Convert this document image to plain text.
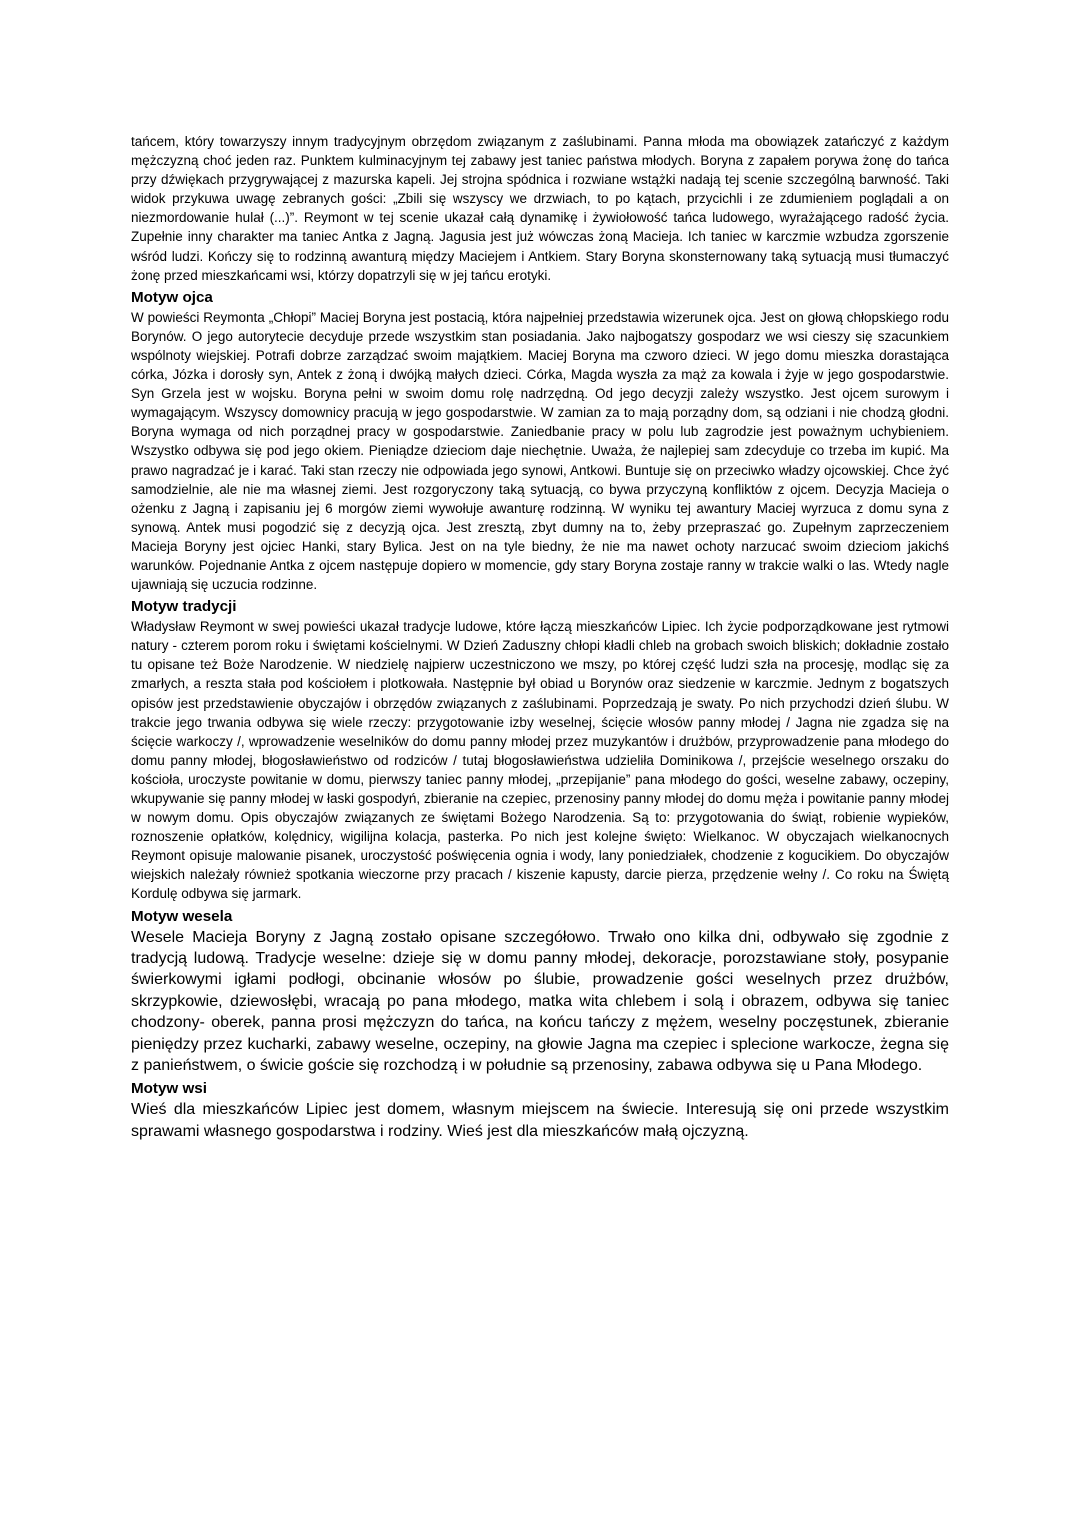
tańcem, który towarzyszy innym tradycyjnym obrzędom związanym z zaślubinami. Panna młoda ma obowiązek zatańczyć z każdym mężczyzną choć jeden raz. Punktem kulminacyjnym tej zabawy jest taniec państwa młodych. Boryna z zapałem porywa żonę do tańca przy dźwiękach przygrywającej z mazurska kapeli. Jej strojna spódnica i rozwiane wstążki nadają tej scenie szczególną barwność. Taki widok przykuwa uwagę zebranych gości: „Zbili się wszyscy we drzwiach, to po kątach, przycichli i ze zdumieniem poglądali a on niezmordowanie hulał (...)”. Reymont w tej scenie ukazał całą dynamikę i żywiołowość tańca ludowego, wyrażającego radość życia. Zupełnie inny charakter ma taniec Antka z Jagną. Jagusia jest już wówczas żoną Macieja. Ich taniec w karczmie wzbudza zgorszenie wśród ludzi. Kończy się to rodzinną awanturą między Maciejem i Antkiem. Stary Boryna skonsternowany taką sytuacją musi tłumaczyć żonę przed mieszkańcami wsi, którzy dopatrzyli się w jej tańcu erotyki.

Motyw ojca

W powieści Reymonta „Chłopi” Maciej Boryna jest postacią, która najpełniej przedstawia wizerunek ojca. Jest on głową chłopskiego rodu Borynów. O jego autorytecie decyduje przede wszystkim stan posiadania. Jako najbogatszy gospodarz we wsi cieszy się szacunkiem wspólnoty wiejskiej. Potrafi dobrze zarządzać swoim majątkiem. Maciej Boryna ma czworo dzieci. W jego domu mieszka dorastająca córka, Józka i dorosły syn, Antek z żoną i dwójką małych dzieci. Córka, Magda wyszła za mąż za kowala i żyje w jego gospodarstwie. Syn Grzela jest w wojsku. Boryna pełni w swoim domu rolę nadrzędną. Od jego decyzji zależy wszystko. Jest ojcem surowym i wymagającym. Wszyscy domownicy pracują w jego gospodarstwie. W zamian za to mają porządny dom, są odziani i nie chodzą głodni. Boryna wymaga od nich porządnej pracy w gospodarstwie. Zaniedbanie pracy w polu lub zagrodzie jest poważnym uchybieniem. Wszystko odbywa się pod jego okiem. Pieniądze dzieciom daje niechętnie. Uważa, że najlepiej sam zdecyduje co trzeba im kupić. Ma prawo nagradzać je i karać. Taki stan rzeczy nie odpowiada jego synowi, Antkowi. Buntuje się on przeciwko władzy ojcowskiej. Chce żyć samodzielnie, ale nie ma własnej ziemi. Jest rozgoryczony taką sytuacją, co bywa przyczyną konfliktów z ojcem. Decyzja Macieja o ożenku z Jagną i zapisaniu jej 6 morgów ziemi wywołuje awanturę rodzinną. W wyniku tej awantury Maciej wyrzuca z domu syna z synową. Antek musi pogodzić się z decyzją ojca. Jest zresztą, zbyt dumny na to, żeby przepraszać go. Zupełnym zaprzeczeniem Macieja Boryny jest ojciec Hanki, stary Bylica. Jest on na tyle biedny, że nie ma nawet ochoty narzucać swoim dzieciom jakichś warunków. Pojednanie Antka z ojcem następuje dopiero w momencie, gdy stary Boryna zostaje ranny w trakcie walki o las. Wtedy nagle ujawniają się uczucia rodzinne.

Motyw tradycji

Władysław Reymont w swej powieści ukazał tradycje ludowe, które łączą mieszkańców Lipiec. Ich życie podporządkowane jest rytmowi natury - czterem porom roku i świętami kościelnymi. W Dzień Zaduszny chłopi kładli chleb na grobach swoich bliskich; dokładnie zostało tu opisane też Boże Narodzenie. W niedzielę najpierw uczestniczono we mszy, po której część ludzi szła na procesję, modląc się za zmarłych, a reszta stała pod kościołem i plotkowała. Następnie był obiad u Borynów oraz siedzenie w karczmie. Jednym z bogatszych opisów jest przedstawienie obyczajów i obrzędów związanych z zaślubinami. Poprzedzają je swaty. Po nich przychodzi dzień ślubu. W trakcie jego trwania odbywa się wiele rzeczy: przygotowanie izby weselnej, ścięcie włosów panny młodej / Jagna nie zgadza się na ścięcie warkoczy /, wprowadzenie weselników do domu panny młodej przez muzykantów i drużbów, przyprowadzenie pana młodego do domu panny młodej, błogosławieństwo od rodziców / tutaj błogosławieństwa udzieliła Dominikowa /, przejście weselnego orszaku do kościoła, uroczyste powitanie w domu, pierwszy taniec panny młodej, „przepijanie” pana młodego do gości, weselne zabawy, oczepiny, wkupywanie się panny młodej w łaski gospodyń, zbieranie na czepiec, przenosiny panny młodej do domu męża i powitanie panny młodej w nowym domu. Opis obyczajów związanych ze świętami Bożego Narodzenia. Są to: przygotowania do świąt, robienie wypieków, roznoszenie opłatków, kolędnicy, wigilijna kolacja, pasterka. Po nich jest kolejne święto: Wielkanoc. W obyczajach wielkanocnych Reymont opisuje malowanie pisanek, uroczystość poświęcenia ognia i wody, lany poniedziałek, chodzenie z kogucikiem. Do obyczajów wiejskich należały również spotkania wieczorne przy pracach / kiszenie kapusty, darcie pierza, przędzenie wełny /. Co roku na Świętą Kordulę odbywa się jarmark.

Motyw wesela

Wesele Macieja Boryny z Jagną zostało opisane szczegółowo. Trwało ono kilka dni, odbywało się zgodnie z tradycją ludową. Tradycje weselne: dzieje się w domu panny młodej, dekoracje, porozstawiane stoły, posypanie świerkowymi igłami podłogi, obcinanie włosów po ślubie, prowadzenie gości weselnych przez drużbów, skrzypkowie, dziewosłębi, wracają po pana młodego, matka wita chlebem i solą i obrazem, odbywa się taniec chodzony- oberek, panna prosi mężczyzn do tańca, na końcu tańczy z mężem, weselny poczęstunek, zbieranie pieniędzy przez kucharki, zabawy weselne, oczepiny, na głowie Jagna ma czepiec i splecione warkocze, żegna się z panieństwem, o świcie goście się rozchodzą i w południe są przenosiny, zabawa odbywa się u Pana Młodego.

Motyw wsi

Wieś dla mieszkańców Lipiec jest domem, własnym miejscem na świecie. Interesują się oni przede wszystkim sprawami własnego gospodarstwa i rodziny. Wieś jest dla mieszkańców małą ojczyzną.
